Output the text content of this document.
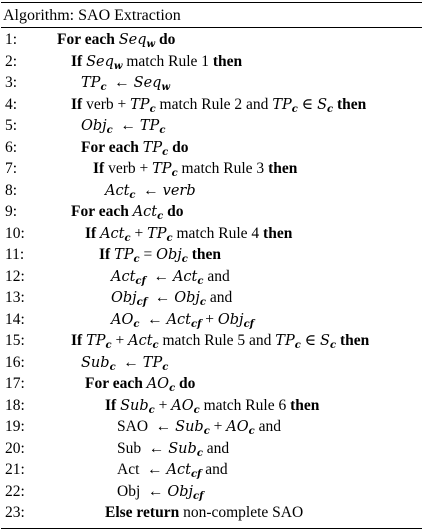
Algorithm: SAO Extraction
1:	For each Seq$_w$ do
2:	If Seq$_w$ match Rule 1 then
3:	$TP_c$  ← Seq$_w$
4:	If verb + $TP_c$ match Rule 2 and $TP_c$ ∈ $S_c$ then
5:	Obj$_c$  ← $TP_c$
6:	For each $TP_c$ do
7:	If verb + $TP_c$ match Rule 3 then
8:	Act$_c$  ← verb
9:	For each Act$_c$ do
10:	If $Act_c + TP_c$ match Rule 4 then
11:	If $TP_c = Obj_c$ then
12:	Act$_{cf}$  ← Act$_c$ and
13:	Obj$_{cf}$  ← Obj$_c$ and
14:	$AO_c$  ← Act$_{cf}$ + Obj$_{cf}$
15:	If $TP_c + Act_c$ match Rule 5 and $TP_c$ ∈ $S_c$ then
16:	Sub$_c$  ← $TP_c$
17:	For each $AO_c$ do
18:	If $Sub_c + AO_c$ match Rule 6 then
19:	SAO  ← $Sub_c + AO_c$ and
20:	Sub  ← Sub$_c$ and
21:	Act  ← Act$_{cf}$ and
22:	Obj  ← Obj$_{cf}$
23:	Else return non-complete SAO
